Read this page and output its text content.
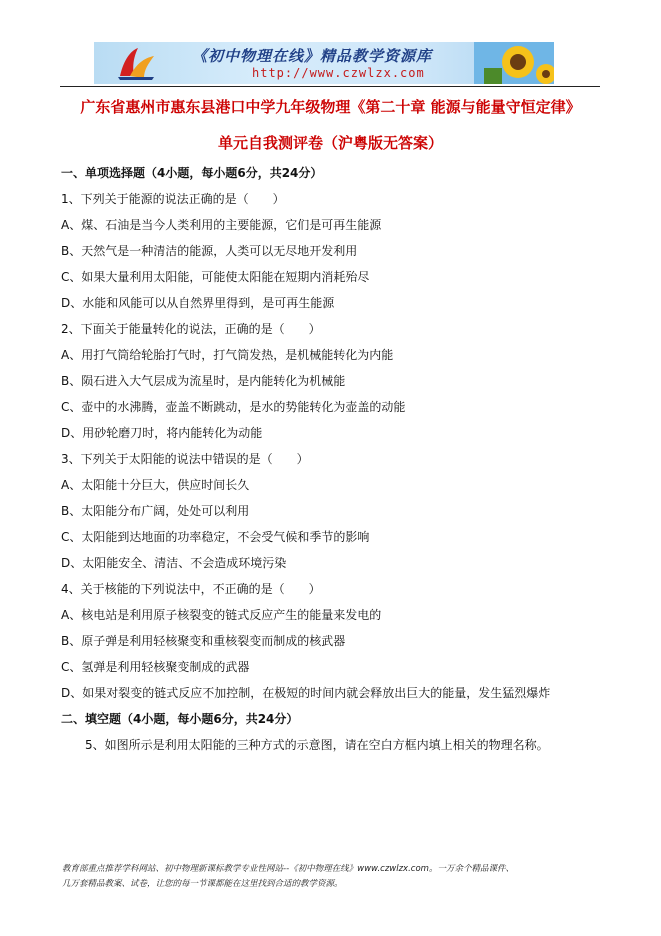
《初中物理在线》精品教学资源库
http://www.czwlzx.com
广东省惠州市惠东县港口中学九年级物理《第二十章 能源与能量守恒定律》
单元自我测评卷（沪粤版无答案）
一、单项选择题（4小题，每小题6分，共24分）
1、下列关于能源的说法正确的是（　　）
A、煤、石油是当今人类利用的主要能源，它们是可再生能源
B、天然气是一种清洁的能源，人类可以无尽地开发利用
C、如果大量利用太阳能，可能使太阳能在短期内消耗殆尽
D、水能和风能可以从自然界里得到，是可再生能源
2、下面关于能量转化的说法，正确的是（　　）
A、用打气筒给轮胎打气时，打气筒发热，是机械能转化为内能
B、陨石进入大气层成为流星时，是内能转化为机械能
C、壶中的水沸腾，壶盖不断跳动，是水的势能转化为壶盖的动能
D、用砂轮磨刀时，将内能转化为动能
3、下列关于太阳能的说法中错误的是（　　）
A、太阳能十分巨大，供应时间长久
B、太阳能分布广阔，处处可以利用
C、太阳能到达地面的功率稳定，不会受气候和季节的影响
D、太阳能安全、清洁、不会造成环境污染
4、关于核能的下列说法中，不正确的是（　　）
A、核电站是利用原子核裂变的链式反应产生的能量来发电的
B、原子弹是利用轻核聚变和重核裂变而制成的核武器
C、氢弹是利用轻核聚变制成的武器
D、如果对裂变的链式反应不加控制，在极短的时间内就会释放出巨大的能量，发生猛烈爆炸
二、填空题（4小题，每小题6分，共24分）
　　5、如图所示是利用太阳能的三种方式的示意图，请在空白方框内填上相关的物理名称。
教育部重点推荐学科网站、初中物理新课标教学专业性网站--《初中物理在线》www.czwlzx.com。一万余个精品课件、
几万套精品教案、试卷，让您的每一节课都能在这里找到合适的教学资源。
